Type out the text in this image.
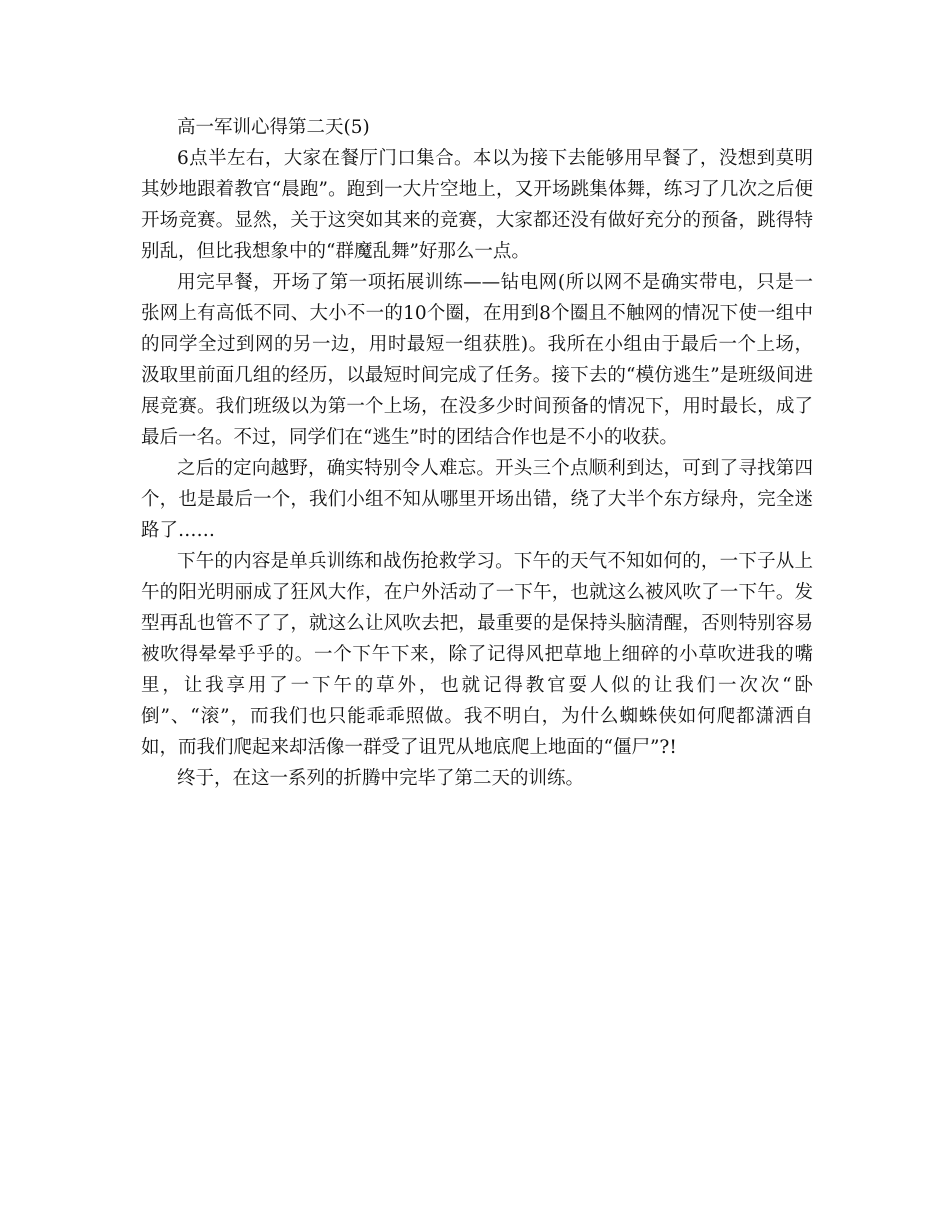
高一军训心得第二天(5)

6点半左右，大家在餐厅门口集合。本以为接下去能够用早餐了，没想到莫明其妙地跟着教官“晨跑”。跑到一大片空地上，又开场跳集体舞，练习了几次之后便开场竞赛。显然，关于这突如其来的竞赛，大家都还没有做好充分的预备，跳得特别乱，但比我想象中的“群魔乱舞”好那么一点。

用完早餐，开场了第一项拓展训练——钻电网(所以网不是确实带电，只是一张网上有高低不同、大小不一的10个圈，在用到8个圈且不触网的情况下使一组中的同学全过到网的另一边，用时最短一组获胜)。我所在小组由于最后一个上场，汲取里前面几组的经历，以最短时间完成了任务。接下去的“模仿逃生”是班级间进展竞赛。我们班级以为第一个上场，在没多少时间预备的情况下，用时最长，成了最后一名。不过，同学们在“逃生”时的团结合作也是不小的收获。

之后的定向越野，确实特别令人难忘。开头三个点顺利到达，可到了寻找第四个，也是最后一个，我们小组不知从哪里开场出错，绕了大半个东方绿舟，完全迷路了……

下午的内容是单兵训练和战伤抢救学习。下午的天气不知如何的，一下子从上午的阳光明丽成了狂风大作，在户外活动了一下午，也就这么被风吹了一下午。发型再乱也管不了了，就这么让风吹去把，最重要的是保持头脑清醒，否则特别容易被吹得晕晕乎乎的。一个下午下来，除了记得风把草地上细碎的小草吹进我的嘴里，让我享用了一下午的草外，也就记得教官耍人似的让我们一次次“卧倒”、“滚”，而我们也只能乖乖照做。我不明白，为什么蜘蛛侠如何爬都潇洒自如，而我们爬起来却活像一群受了诅咒从地底爬上地面的“僵尸”?!

终于，在这一系列的折腾中完毕了第二天的训练。
